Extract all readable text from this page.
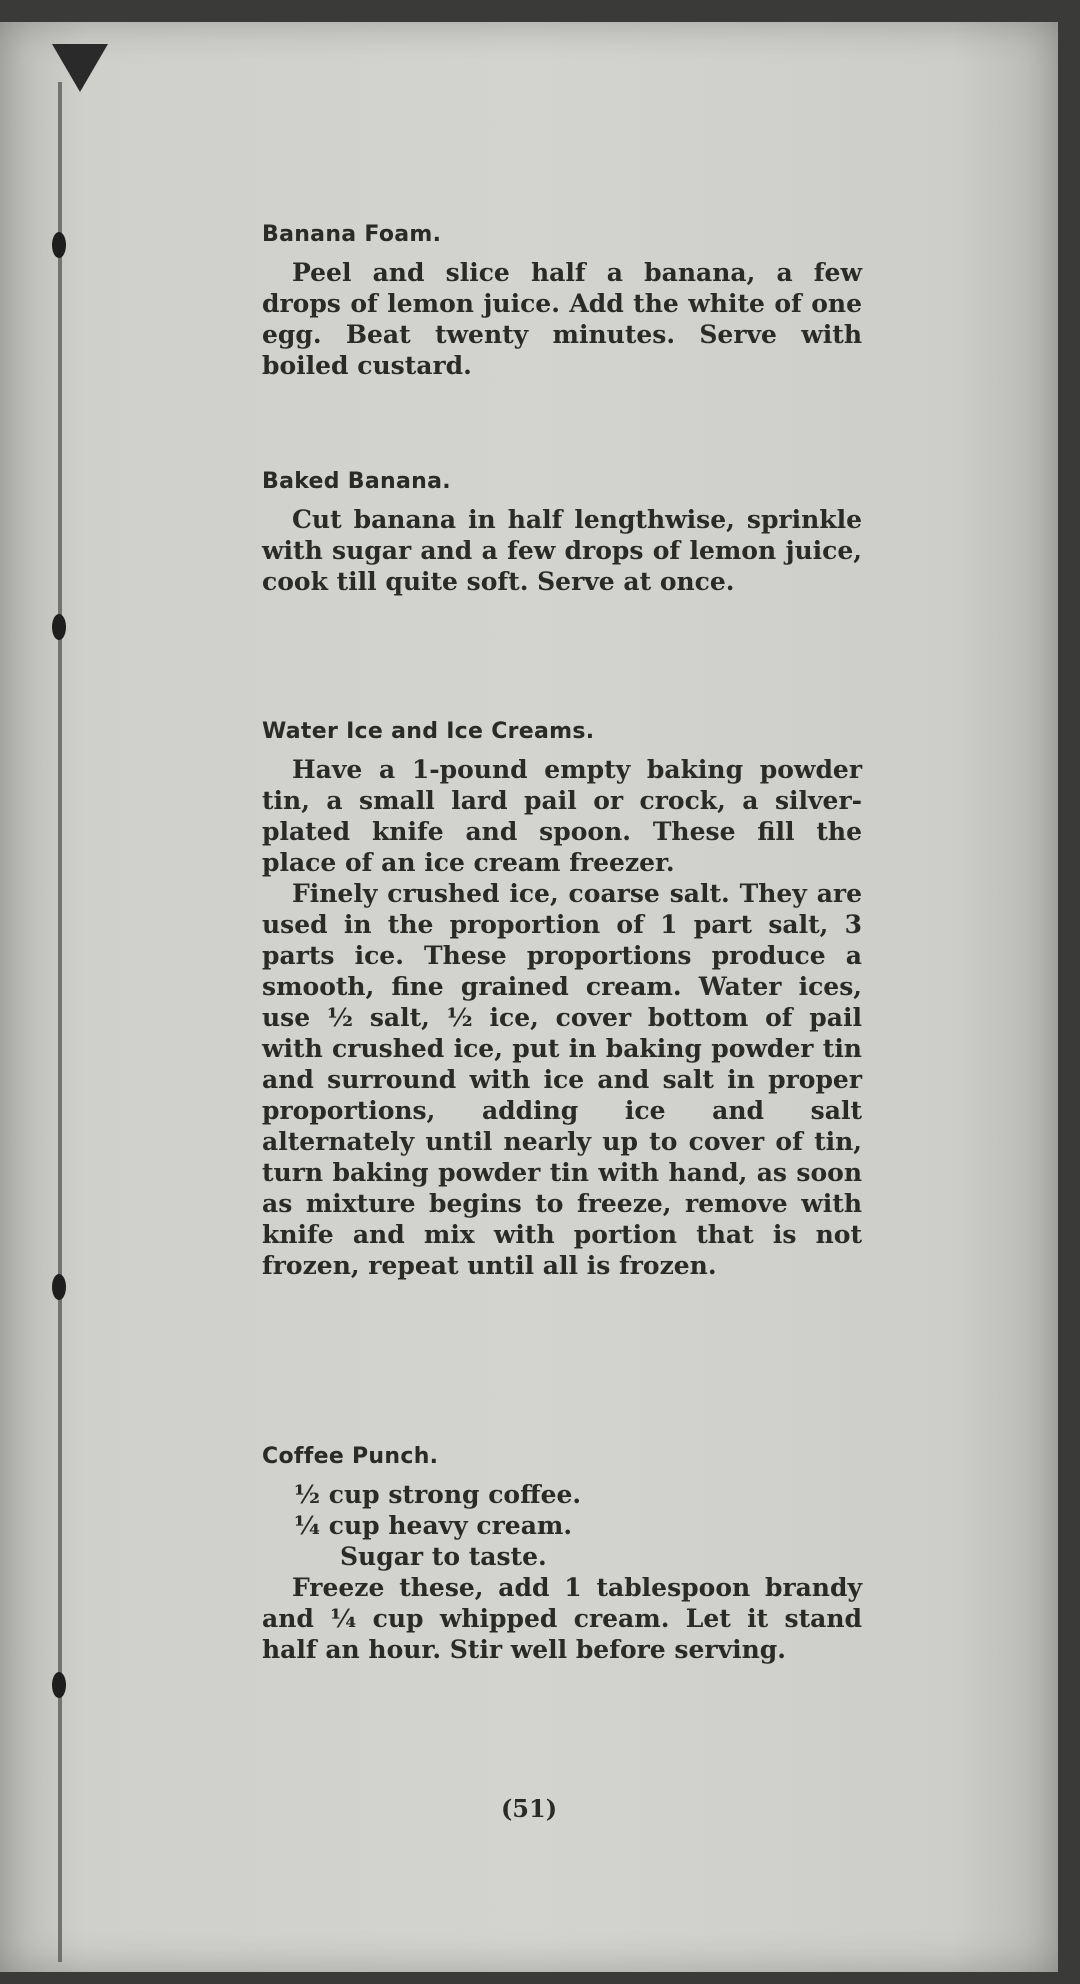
Banana Foam.

Peel and slice half a banana, a few drops of lemon juice. Add the white of one egg. Beat twenty minutes. Serve with boiled custard.

Baked Banana.

Cut banana in half lengthwise, sprinkle with sugar and a few drops of lemon juice, cook till quite soft. Serve at once.

Water Ice and Ice Creams.

Have a 1-pound empty baking powder tin, a small lard pail or crock, a silver-plated knife and spoon. These fill the place of an ice cream freezer.

Finely crushed ice, coarse salt. They are used in the proportion of 1 part salt, 3 parts ice. These proportions produce a smooth, fine grained cream. Water ices, use ½ salt, ½ ice, cover bottom of pail with crushed ice, put in baking powder tin and surround with ice and salt in proper proportions, adding ice and salt alternately until nearly up to cover of tin, turn baking powder tin with hand, as soon as mixture begins to freeze, remove with knife and mix with portion that is not frozen, repeat until all is frozen.

Coffee Punch.

½ cup strong coffee.

¼ cup heavy cream.

Sugar to taste.

Freeze these, add 1 tablespoon brandy and ¼ cup whipped cream. Let it stand half an hour. Stir well before serving.

(51)
